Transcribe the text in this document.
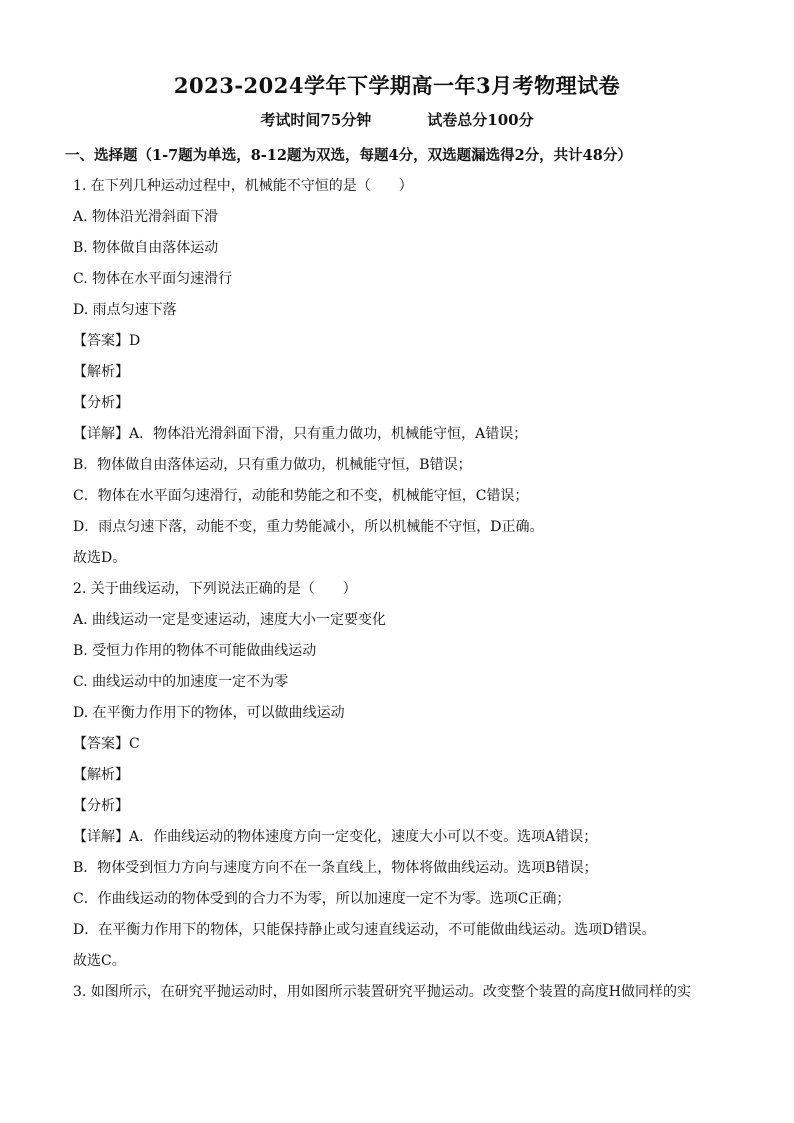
2023-2024学年下学期高一年3月考物理试卷
考试时间75分钟	试卷总分100分
一、选择题（1-7题为单选，8-12题为双选，每题4分，双选题漏选得2分，共计48分）
1. 在下列几种运动过程中，机械能不守恒的是（　　）
A. 物体沿光滑斜面下滑
B. 物体做自由落体运动
C. 物体在水平面匀速滑行
D. 雨点匀速下落
【答案】D
【解析】
【分析】
【详解】A．物体沿光滑斜面下滑，只有重力做功，机械能守恒，A错误；
B．物体做自由落体运动，只有重力做功，机械能守恒，B错误；
C．物体在水平面匀速滑行，动能和势能之和不变，机械能守恒，C错误；
D．雨点匀速下落，动能不变，重力势能减小，所以机械能不守恒，D正确。
故选D。
2. 关于曲线运动，下列说法正确的是（　　）
A. 曲线运动一定是变速运动，速度大小一定要变化
B. 受恒力作用的物体不可能做曲线运动
C. 曲线运动中的加速度一定不为零
D. 在平衡力作用下的物体，可以做曲线运动
【答案】C
【解析】
【分析】
【详解】A．作曲线运动的物体速度方向一定变化，速度大小可以不变。选项A错误；
B．物体受到恒力方向与速度方向不在一条直线上，物体将做曲线运动。选项B错误；
C．作曲线运动的物体受到的合力不为零，所以加速度一定不为零。选项C正确；
D．在平衡力作用下的物体，只能保持静止或匀速直线运动，不可能做曲线运动。选项D错误。
故选C。
3. 如图所示，在研究平抛运动时，用如图所示装置研究平抛运动。改变整个装置的高度H做同样的实
